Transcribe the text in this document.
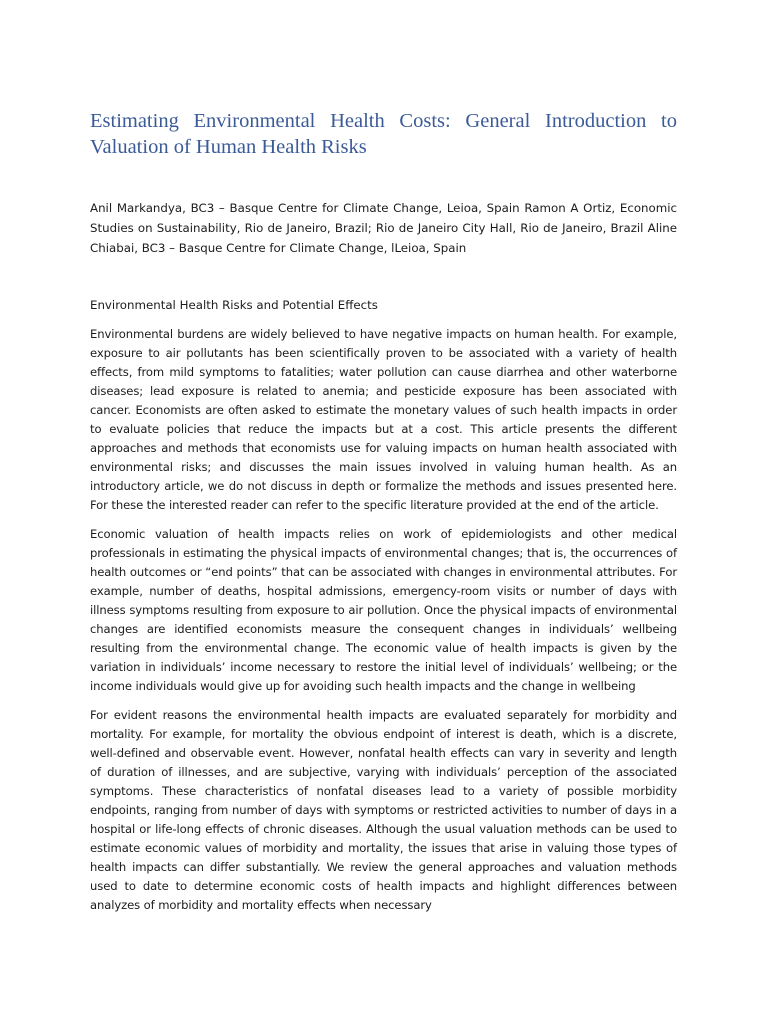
Estimating Environmental Health Costs: General Introduction to Valuation of Human Health Risks

Anil Markandya, BC3 – Basque Centre for Climate Change, Leioa, Spain Ramon A Ortiz, Economic Studies on Sustainability, Rio de Janeiro, Brazil; Rio de Janeiro City Hall, Rio de Janeiro, Brazil Aline Chiabai, BC3 – Basque Centre for Climate Change, lLeioa, Spain

Environmental Health Risks and Potential Effects

Environmental burdens are widely believed to have negative impacts on human health. For example, exposure to air pollutants has been scientifically proven to be associated with a variety of health effects, from mild symptoms to fatalities; water pollution can cause diarrhea and other waterborne diseases; lead exposure is related to anemia; and pesticide exposure has been associated with cancer. Economists are often asked to estimate the monetary values of such health impacts in order to evaluate policies that reduce the impacts but at a cost. This article presents the different approaches and methods that economists use for valuing impacts on human health associated with environmental risks; and discusses the main issues involved in valuing human health. As an introductory article, we do not discuss in depth or formalize the methods and issues presented here. For these the interested reader can refer to the specific literature provided at the end of the article.

Economic valuation of health impacts relies on work of epidemiologists and other medical professionals in estimating the physical impacts of environmental changes; that is, the occurrences of health outcomes or “end points” that can be associated with changes in environmental attributes. For example, number of deaths, hospital admissions, emergency-room visits or number of days with illness symptoms resulting from exposure to air pollution. Once the physical impacts of environmental changes are identified economists measure the consequent changes in individuals’ wellbeing resulting from the environmental change. The economic value of health impacts is given by the variation in individuals’ income necessary to restore the initial level of individuals’ wellbeing; or the income individuals would give up for avoiding such health impacts and the change in wellbeing

For evident reasons the environmental health impacts are evaluated separately for morbidity and mortality. For example, for mortality the obvious endpoint of interest is death, which is a discrete, well-defined and observable event. However, nonfatal health effects can vary in severity and length of duration of illnesses, and are subjective, varying with individuals’ perception of the associated symptoms. These characteristics of nonfatal diseases lead to a variety of possible morbidity endpoints, ranging from number of days with symptoms or restricted activities to number of days in a hospital or life-long effects of chronic diseases. Although the usual valuation methods can be used to estimate economic values of morbidity and mortality, the issues that arise in valuing those types of health impacts can differ substantially. We review the general approaches and valuation methods used to date to determine economic costs of health impacts and highlight differences between analyzes of morbidity and mortality effects when necessary
